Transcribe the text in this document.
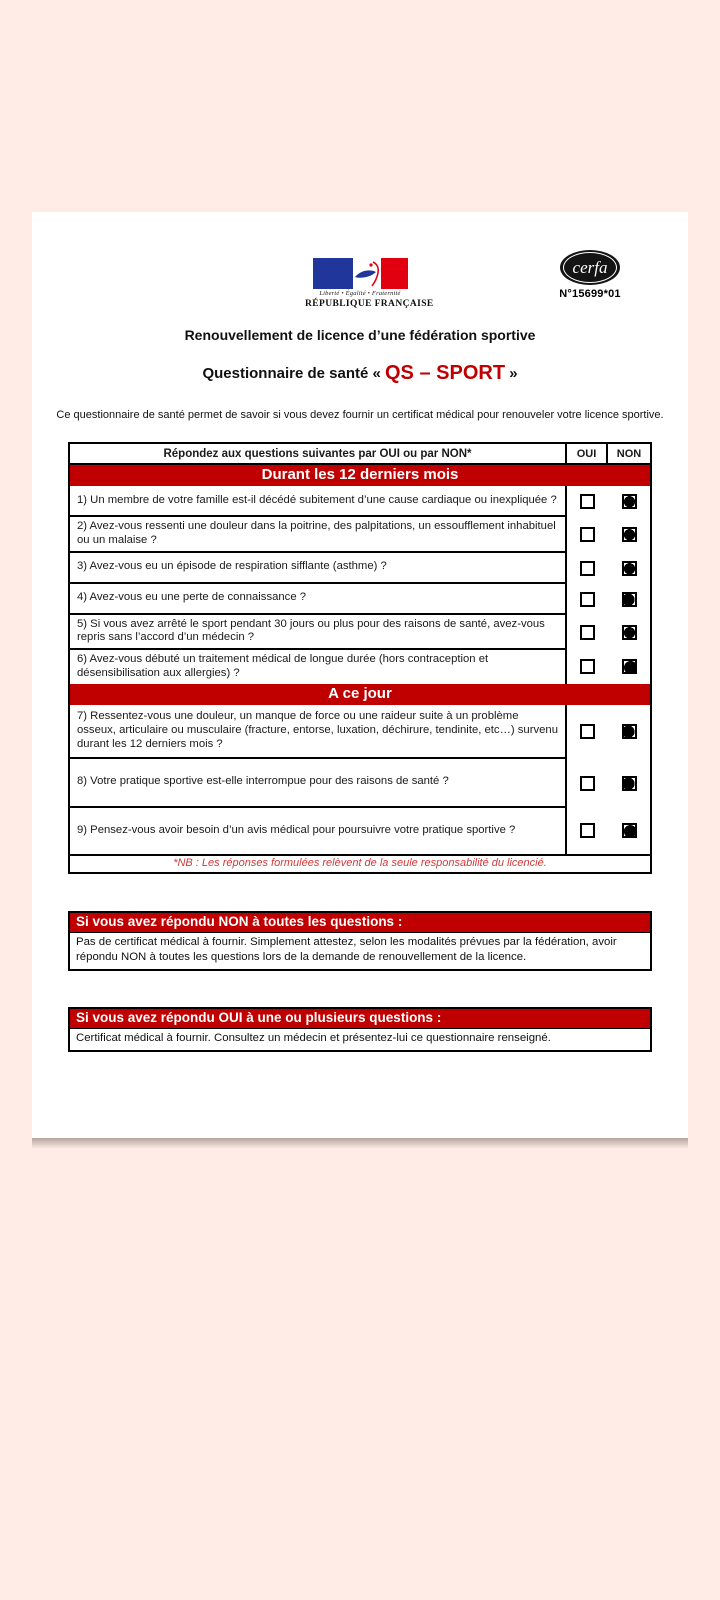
Liberté • Égalité • Fraternité
RÉPUBLIQUE FRANÇAISE
cerfa
N°15699*01
Renouvellement de licence d’une fédération sportive
Questionnaire de santé « QS – SPORT »
Ce questionnaire de santé permet de savoir si vous devez fournir un certificat médical pour renouveler votre licence sportive.
Répondez aux questions suivantes par OUI ou par NON*	OUI	NON
Durant les 12 derniers mois
1) Un membre de votre famille est-il décédé subitement d’une cause cardiaque ou inexpliquée ?
2) Avez-vous ressenti une douleur dans la poitrine, des palpitations, un essoufflement inhabituel ou un malaise ?
3) Avez-vous eu un épisode de respiration sifflante (asthme) ?
4) Avez-vous eu une perte de connaissance ?
5) Si vous avez arrêté le sport pendant 30 jours ou plus pour des raisons de santé, avez-vous repris sans l’accord d’un médecin ?
6) Avez-vous débuté un traitement médical de longue durée (hors contraception et désensibilisation aux allergies) ?
A ce jour
7) Ressentez-vous une douleur, un manque de force ou une raideur suite à un problème osseux, articulaire ou musculaire (fracture, entorse, luxation, déchirure, tendinite, etc…) survenu durant les 12 derniers mois ?
8) Votre pratique sportive est-elle interrompue pour des raisons de santé ?
9) Pensez-vous avoir besoin d’un avis médical pour poursuivre votre pratique sportive ?
*NB : Les réponses formulées relèvent de la seule responsabilité du licencié.
Si vous avez répondu NON à toutes les questions :
Pas de certificat médical à fournir. Simplement attestez, selon les modalités prévues par la fédération, avoir répondu NON à toutes les questions lors de la demande de renouvellement de la licence.
Si vous avez répondu OUI à une ou plusieurs questions :
Certificat médical à fournir. Consultez un médecin et présentez-lui ce questionnaire renseigné.
